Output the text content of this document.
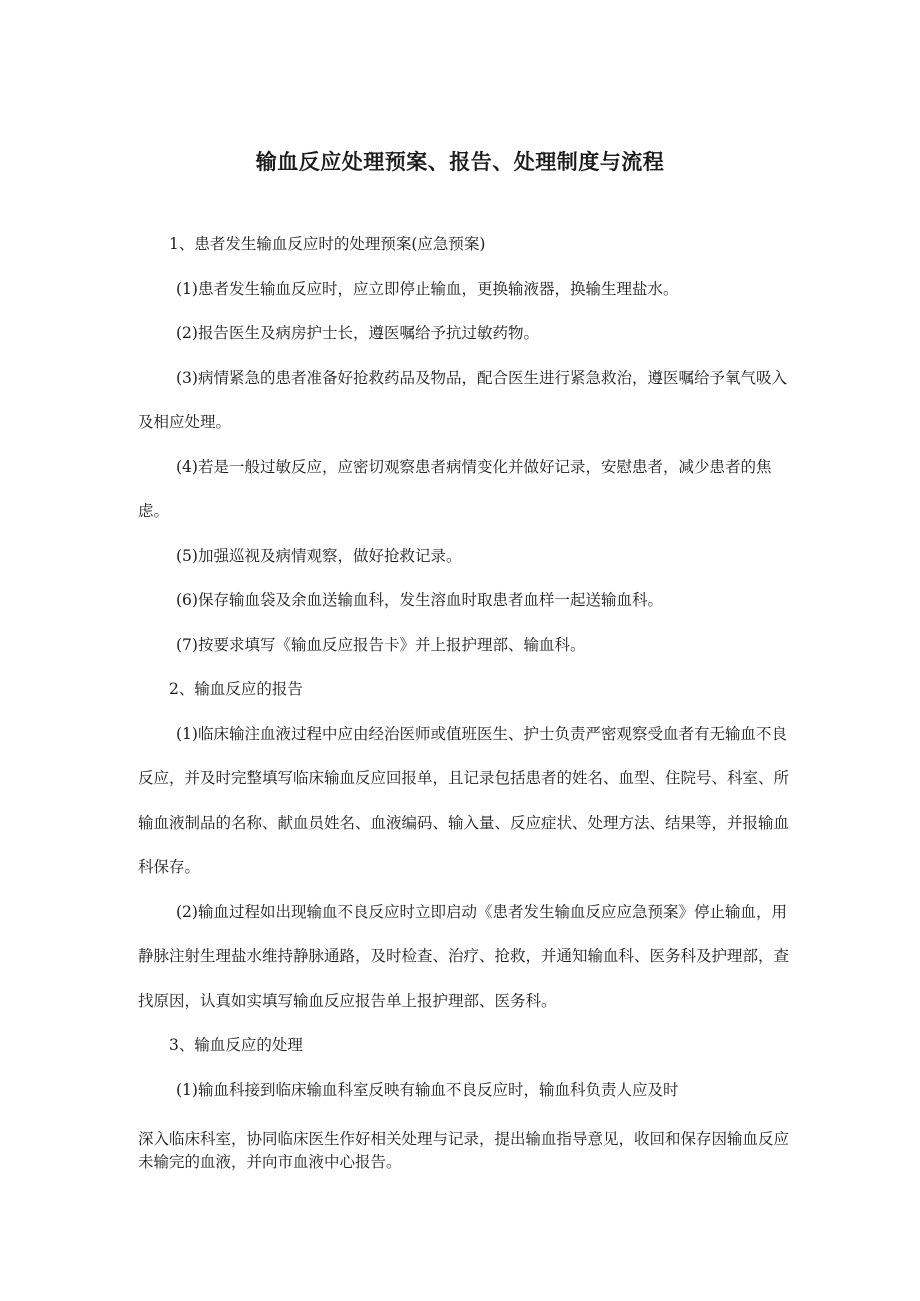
输血反应处理预案、报告、处理制度与流程

1、患者发生输血反应时的处理预案(应急预案)

(1)患者发生输血反应时，应立即停止输血，更换输液器，换输生理盐水。

(2)报告医生及病房护士长，遵医嘱给予抗过敏药物。

(3)病情紧急的患者准备好抢救药品及物品，配合医生进行紧急救治，遵医嘱给予氧气吸入及相应处理。

(4)若是一般过敏反应，应密切观察患者病情变化并做好记录，安慰患者，减少患者的焦虑。

(5)加强巡视及病情观察，做好抢救记录。

(6)保存输血袋及余血送输血科，发生溶血时取患者血样一起送输血科。

(7)按要求填写《输血反应报告卡》并上报护理部、输血科。

2、输血反应的报告

(1)临床输注血液过程中应由经治医师或值班医生、护士负责严密观察受血者有无输血不良反应，并及时完整填写临床输血反应回报单，且记录包括患者的姓名、血型、住院号、科室、所输血液制品的名称、献血员姓名、血液编码、输入量、反应症状、处理方法、结果等，并报输血科保存。

(2)输血过程如出现输血不良反应时立即启动《患者发生输血反应应急预案》停止输血，用静脉注射生理盐水维持静脉通路，及时检查、治疗、抢救，并通知输血科、医务科及护理部，查找原因，认真如实填写输血反应报告单上报护理部、医务科。

3、输血反应的处理

(1)输血科接到临床输血科室反映有输血不良反应时，输血科负责人应及时

深入临床科室，协同临床医生作好相关处理与记录，提出输血指导意见，收回和保存因输血反应未输完的血液，并向市血液中心报告。
